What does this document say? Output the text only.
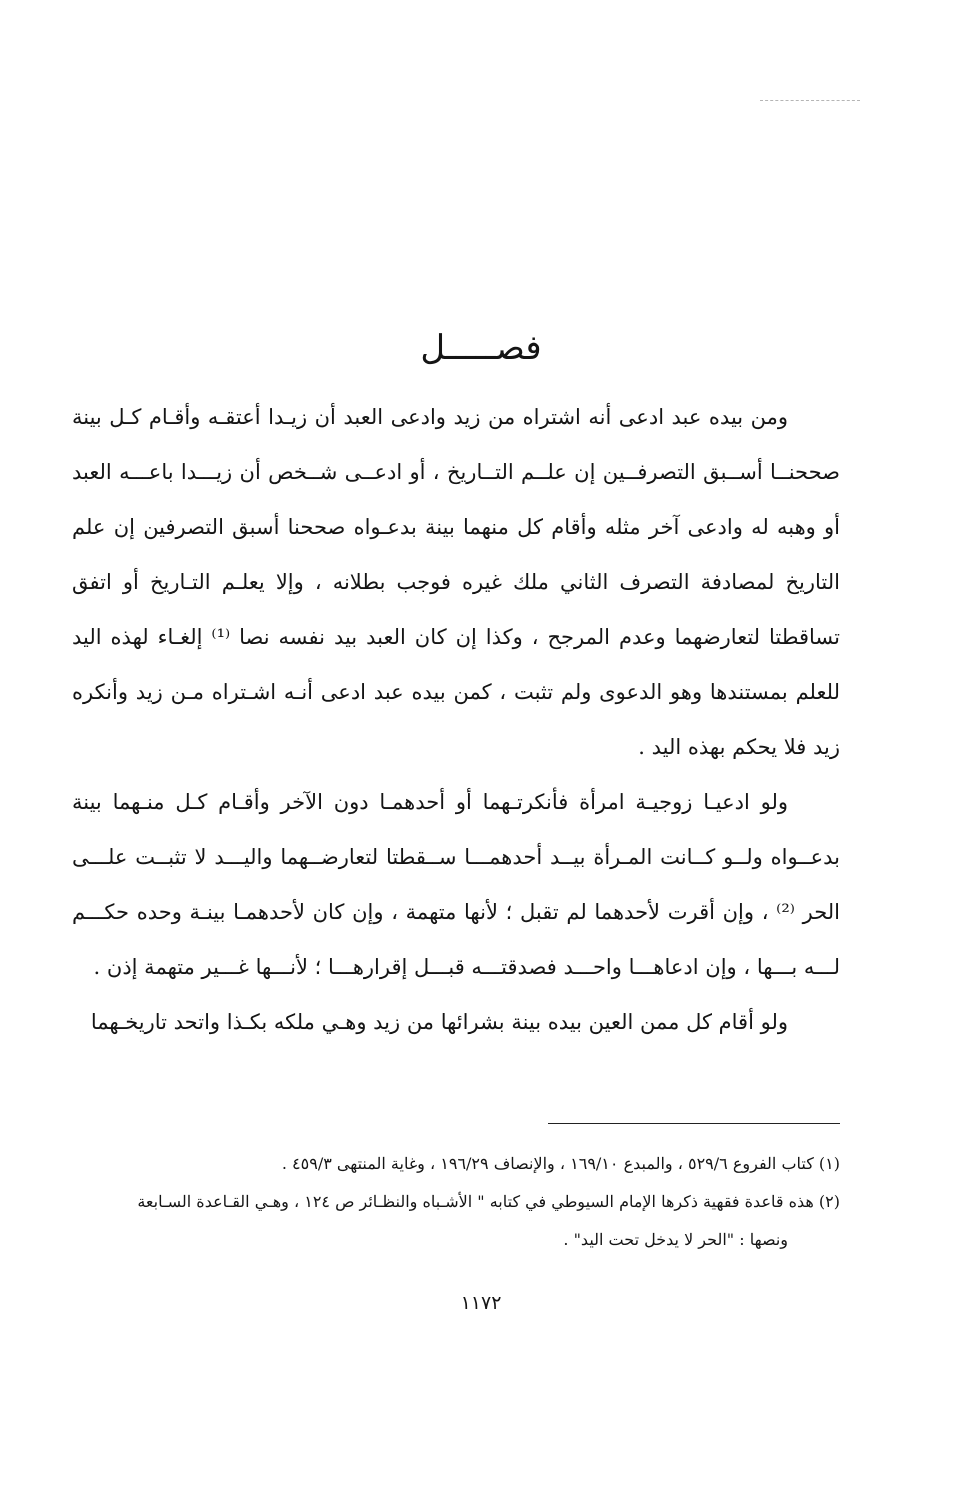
فصـــــل

ومن بيده عبد ادعى أنه اشتراه من زيد وادعى العبد أن زيـدا أعتقـه وأقـام كـل بينة صححنــا أســبق التصرفــين إن علــم التــاريخ ، أو ادعــى شــخص أن زيـــدا باعـــه العبد أو وهبه له وادعى آخر مثله وأقام كل منهما بينة بدعـواه صححنا أسبق التصرفين إن علم التاريخ لمصادفة التصرف الثاني ملك غيره فوجب بطلانه ، وإلا يعلـم التـاريخ أو اتفق تساقطتا لتعارضهما وعدم المرجح ، وكذا إن كان العبد بيد نفسه نصا ⁽¹⁾ إلغـاء لهذه اليد للعلم بمستندها وهو الدعوى ولم تثبت ، كمن بيده عبد ادعى أنـه اشـتراه مـن زيد وأنكره زيد فلا يحكم بهذه اليد .

ولو ادعيـا زوجيـة امرأة فأنكرتـهما أو أحدهمـا دون الآخر وأقـام كـل منـهما بينة بدعــواه ولــو كــانت المـرأة بيــد أحدهمـــا ســقطتا لتعارضــهما واليـــد لا تثبــت علـــى الحر ⁽²⁾ ، وإن أقرت لأحدهما لم تقبل ؛ لأنها متهمة ، وإن كان لأحدهمـا بينـة وحده حكـــم لـــه بـــها ، وإن ادعاهـــا واحـــد فصدقتـــه قبـــل إقرارهـــا ؛ لأنـــها غـــير متهمة إذن .

ولو أقام كل ممن العين بيده بينة بشرائها من زيد وهـي ملكه بكـذا واتحد تاريخـهما

(١) كتاب الفروع ٥٢٩/٦ ، والمبدع ١٦٩/١٠ ، والإنصاف ١٩٦/٢٩ ، وغاية المنتهى ٤٥٩/٣ .

(٢) هذه قاعدة فقهية ذكرها الإمام السيوطي في كتابه " الأشـباه والنظـائر ص ١٢٤ ، وهـي القـاعدة السـابعة

ونصها : "الحر لا يدخل تحت اليد" .

١١٧٢
